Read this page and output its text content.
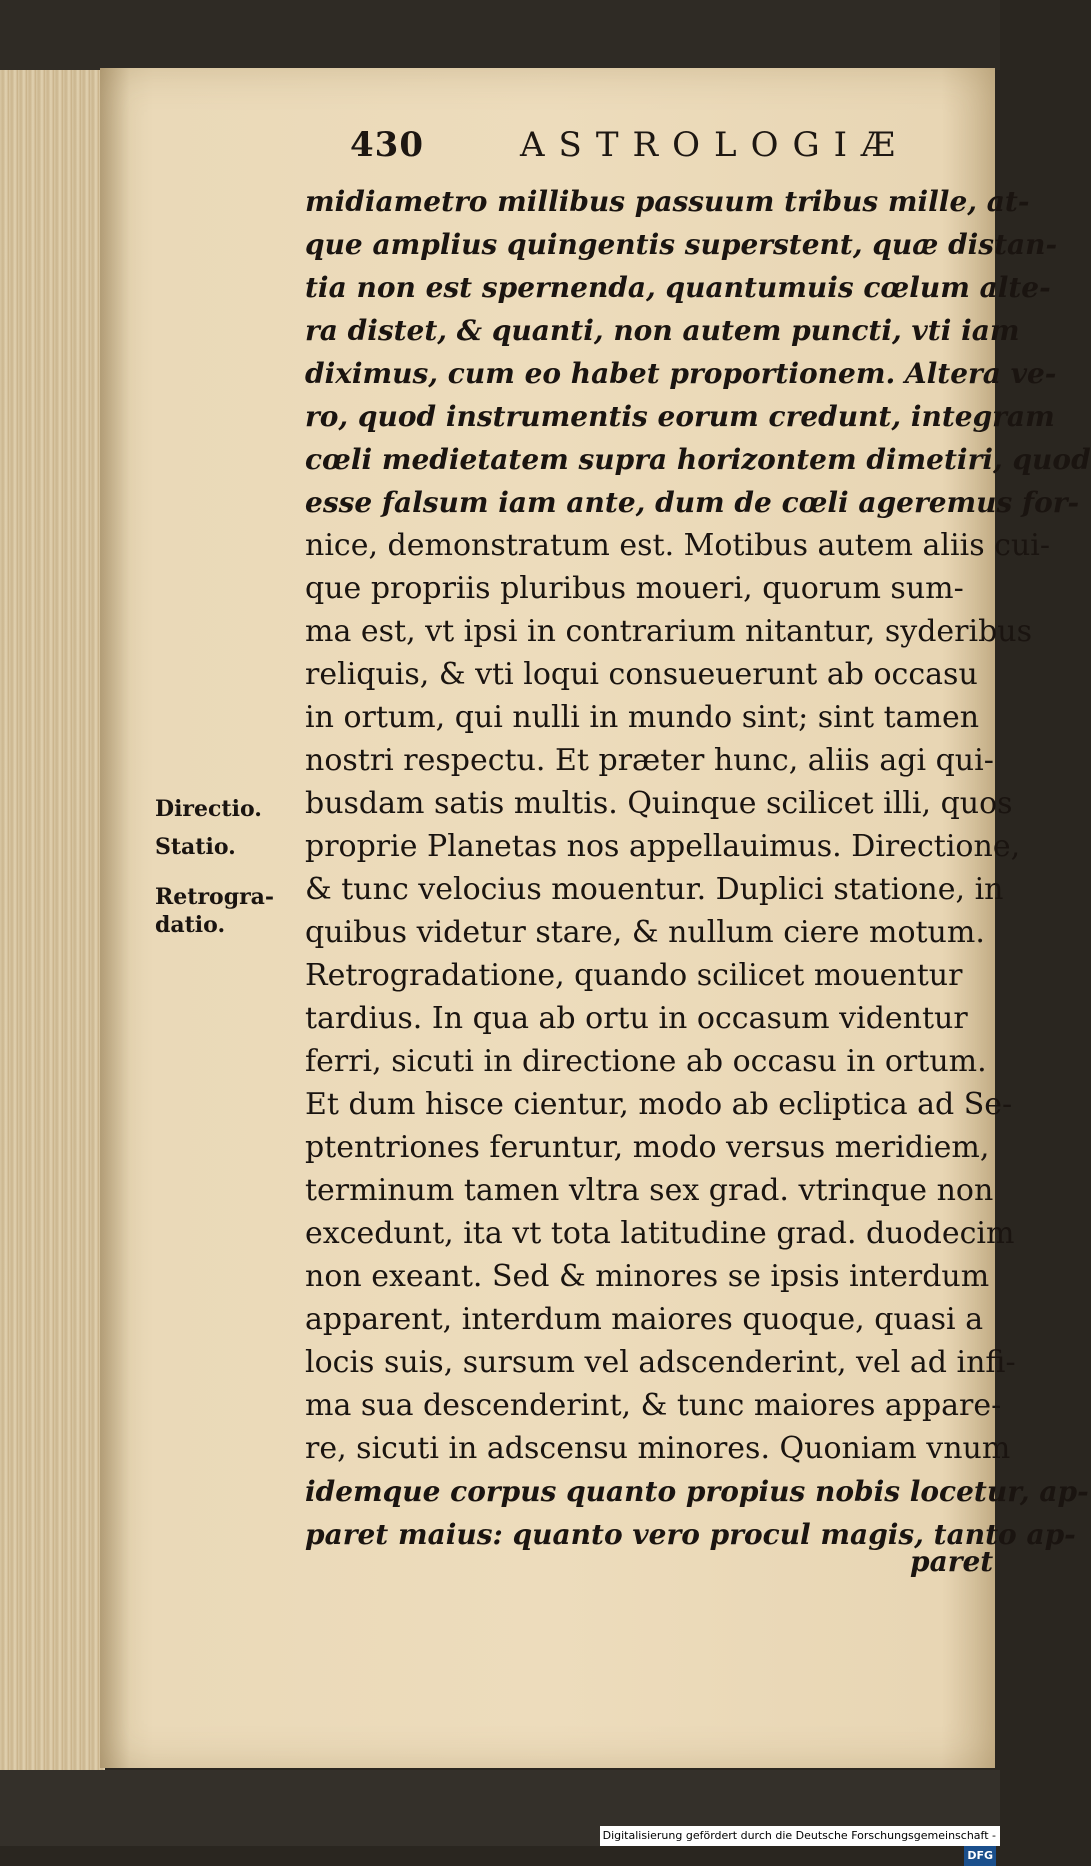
430	ASTROLOGIÆ
midiametro millibus passuum tribus mille, at-
que amplius quingentis superstent, quæ distan-
tia non est spernenda, quantumuis cœlum alte-
ra distet, & quanti, non autem puncti, vti iam
diximus, cum eo habet proportionem. Altera ve-
ro, quod instrumentis eorum credunt, integram
cœli medietatem supra horizontem dimetiri, quod
esse falsum iam ante, dum de cœli ageremus for-
nice, demonstratum est. Motibus autem aliis cui-
que propriis pluribus moueri, quorum sum-
ma est, vt ipsi in contrarium nitantur, syderibus
reliquis, & vti loqui consueuerunt ab occasu
in ortum, qui nulli in mundo sint; sint tamen
nostri respectu. Et præter hunc, aliis agi qui-
busdam satis multis. Quinque scilicet illi, quos
proprie Planetas nos appellauimus. Directione,
& tunc velocius mouentur. Duplici statione, in
quibus videtur stare, & nullum ciere motum.
Retrogradatione, quando scilicet mouentur
tardius. In qua ab ortu in occasum videntur
ferri, sicuti in directione ab occasu in ortum.
Et dum hisce cientur, modo ab ecliptica ad Se-
ptentriones feruntur, modo versus meridiem,
terminum tamen vltra sex grad. vtrinque non
excedunt, ita vt tota latitudine grad. duodecim
non exeant. Sed & minores se ipsis interdum
apparent, interdum maiores quoque, quasi a
locis suis, sursum vel adscenderint, vel ad infi-
ma sua descenderint, & tunc maiores appare-
re, sicuti in adscensu minores. Quoniam vnum
idemque corpus quanto propius nobis locetur, ap-
paret maius: quanto vero procul magis, tanto ap-
paret
Directio.
Statio.
Retrogra-
datio.
Digitalisierung gefördert durch die Deutsche Forschungsgemeinschaft -DFG
